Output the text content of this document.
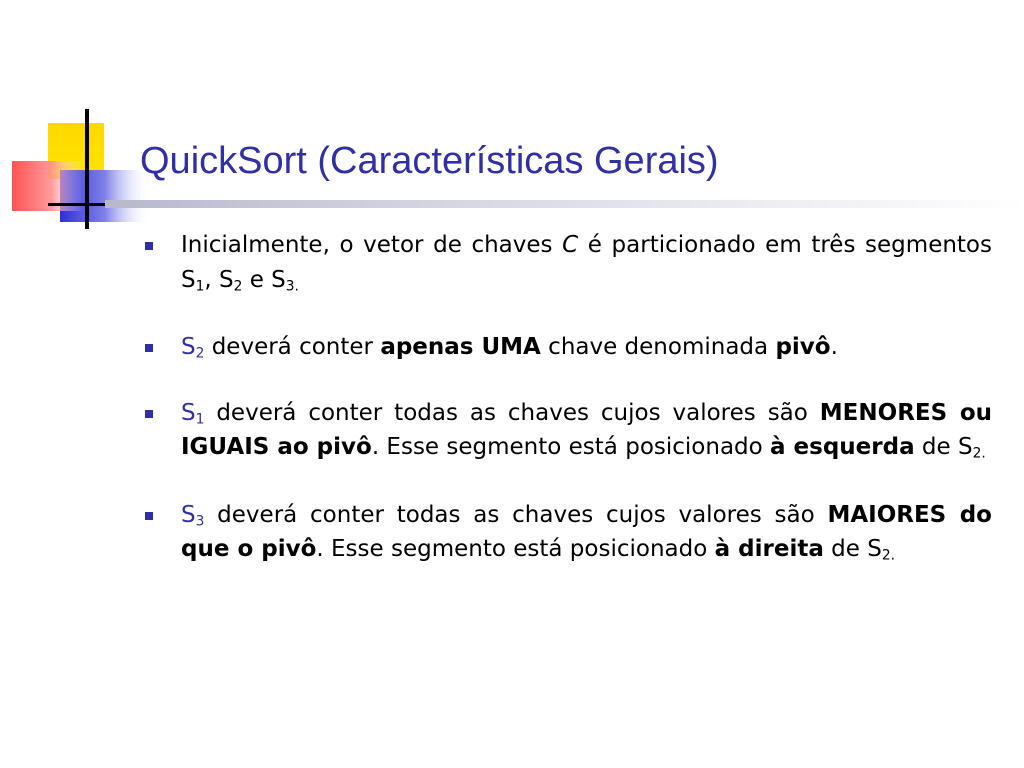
QuickSort (Características Gerais)
Inicialmente, o vetor de chaves C é particionado em três segmentos $S_1$, $S_2$ e $S_{3.}$
$S_2$ deverá conter apenas UMA chave denominada pivô.
$S_1$ deverá conter todas as chaves cujos valores são MENORES ou IGUAIS ao pivô. Esse segmento está posicionado à esquerda de $S_{2.}$
$S_3$ deverá conter todas as chaves cujos valores são MAIORES do que o pivô. Esse segmento está posicionado à direita de $S_{2.}$
